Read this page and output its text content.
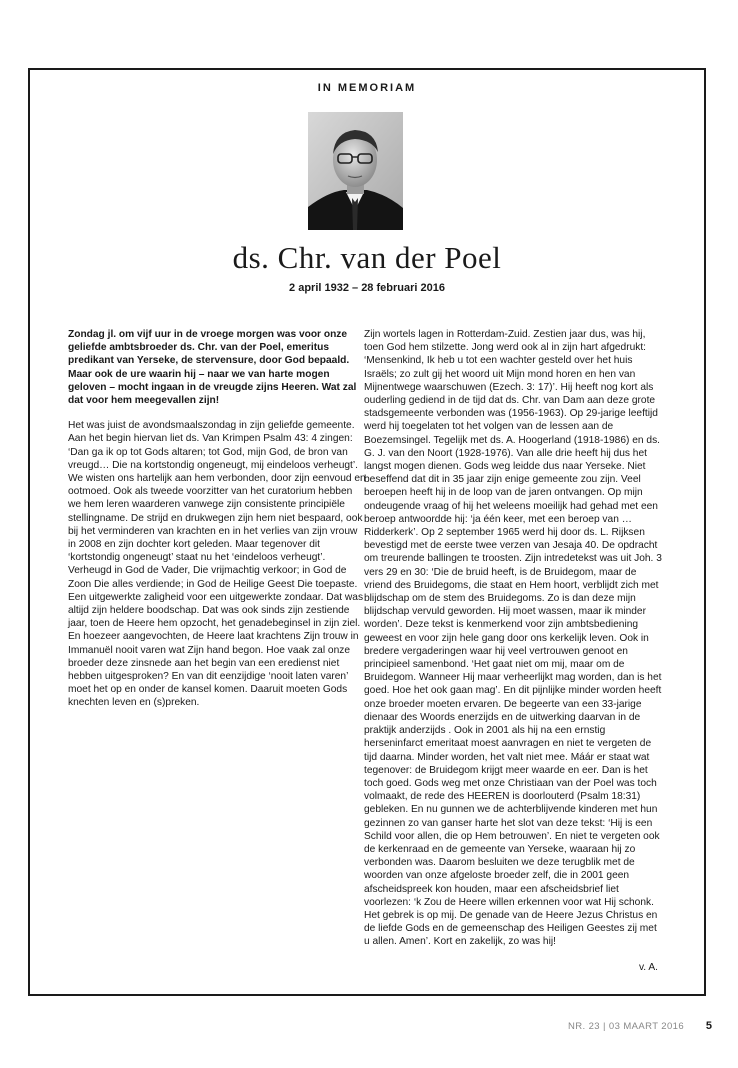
IN MEMORIAM
ds. Chr. van der Poel
2 april 1932 – 28 februari 2016

Zondag jl. om vijf uur in de vroege morgen was voor onze geliefde ambtsbroeder ds. Chr. van der Poel, emeritus predikant van Yerseke, de stervensure, door God bepaald. Maar ook de ure waarin hij – naar we van harte mogen geloven – mocht ingaan in de vreugde zijns Heeren. Wat zal dat voor hem meegevallen zijn!

Het was juist de avondsmaalszondag in zijn geliefde gemeente. Aan het begin hiervan liet ds. Van Krimpen Psalm 43: 4 zingen: ‘Dan ga ik op tot Gods altaren; tot God, mijn God, de bron van vreugd… Die na kortstondig ongeneugt, mij eindeloos verheugt’. We wisten ons hartelijk aan hem verbonden, door zijn eenvoud en ootmoed. Ook als tweede voorzitter van het curatorium hebben we hem leren waarderen vanwege zijn consistente principiële stellingname. De strijd en drukwegen zijn hem niet bespaard, ook bij het verminderen van krachten en in het verlies van zijn vrouw in 2008 en zijn dochter kort geleden. Maar tegenover dit ‘kortstondig ongeneugt’ staat nu het ‘eindeloos verheugt’. Verheugd in God de Vader, Die vrijmachtig verkoor; in God de Zoon Die alles verdiende; in God de Heilige Geest Die toepaste. Een uitgewerkte zaligheid voor een uitgewerkte zondaar. Dat was altijd zijn heldere boodschap. Dat was ook sinds zijn zestiende jaar, toen de Heere hem opzocht, het genadebeginsel in zijn ziel. En hoezeer aangevochten, de Heere laat krachtens Zijn trouw in Immanuël nooit varen wat Zijn hand begon. Hoe vaak zal onze broeder deze zinsnede aan het begin van een eredienst niet hebben uitgesproken? En van dit eenzijdige ‘nooit laten varen’ moet het op en onder de kansel komen. Daaruit moeten Gods knechten leven en (s)preken.

Zijn wortels lagen in Rotterdam-Zuid. Zestien jaar dus, was hij, toen God hem stilzette. Jong werd ook al in zijn hart afgedrukt: ‘Mensenkind, Ik heb u tot een wachter gesteld over het huis Israëls; zo zult gij het woord uit Mijn mond horen en hen van Mijnentwege waarschuwen (Ezech. 3: 17)’. Hij heeft nog kort als ouderling gediend in de tijd dat ds. Chr. van Dam aan deze grote stadsgemeente verbonden was (1956-1963). Op 29-jarige leeftijd werd hij toegelaten tot het volgen van de lessen aan de Boezemsingel. Tegelijk met ds. A. Hoogerland (1918-1986) en ds. G. J. van den Noort (1928-1976). Van alle drie heeft hij dus het langst mogen dienen. Gods weg leidde dus naar Yerseke. Niet beseffend dat dit in 35 jaar zijn enige gemeente zou zijn. Veel beroepen heeft hij in de loop van de jaren ontvangen. Op mijn ondeugende vraag of hij het weleens moeilijk had gehad met een beroep antwoordde hij: ‘ja één keer, met een beroep van …Ridderkerk’. Op 2 september 1965 werd hij door ds. L. Rijksen bevestigd met de eerste twee verzen van Jesaja 40. De opdracht om treurende ballingen te troosten. Zijn intredetekst was uit Joh. 3 vers 29 en 30: ‘Die de bruid heeft, is de Bruidegom, maar de vriend des Bruidegoms, die staat en Hem hoort, verblijdt zich met blijdschap om de stem des Bruidegoms. Zo is dan deze mijn blijdschap vervuld geworden. Hij moet wassen, maar ik minder worden’. Deze tekst is kenmerkend voor zijn ambtsbediening geweest en voor zijn hele gang door ons kerkelijk leven. Ook in bredere vergaderingen waar hij veel vertrouwen genoot en principieel samenbond. ‘Het gaat niet om mij, maar om de Bruidegom. Wanneer Hij maar verheerlijkt mag worden, dan is het goed. Hoe het ook gaan mag’. En dit pijnlijke minder worden heeft onze broeder moeten ervaren. De begeerte van een 33-jarige dienaar des Woords enerzijds en de uitwerking daarvan in de praktijk anderzijds . Ook in 2001 als hij na een ernstig herseninfarct emeritaat moest aanvragen en niet te vergeten de tijd daarna. Minder worden, het valt niet mee. Máár er staat wat tegenover: de Bruidegom krijgt meer waarde en eer. Dan is het toch goed. Gods weg met onze Christiaan van der Poel was toch volmaakt, de rede des HEEREN is doorlouterd (Psalm 18:31) gebleken. En nu gunnen we de achterblijvende kinderen met hun gezinnen zo van ganser harte het slot van deze tekst: ‘Hij is een Schild voor allen, die op Hem betrouwen’. En niet te vergeten ook de kerkenraad en de gemeente van Yerseke, waaraan hij zo verbonden was. Daarom besluiten we deze terugblik met de woorden van onze afgeloste broeder zelf, die in 2001 geen afscheidspreek kon houden, maar een afscheidsbrief liet voorlezen: ‘k Zou de Heere willen erkennen voor wat Hij schonk. Het gebrek is op mij. De genade van de Heere Jezus Christus en de liefde Gods en de gemeenschap des Heiligen Geestes zij met u allen. Amen’. Kort en zakelijk, zo was hij!

v. A.
NR. 23 | 03 MAART 2016 5
